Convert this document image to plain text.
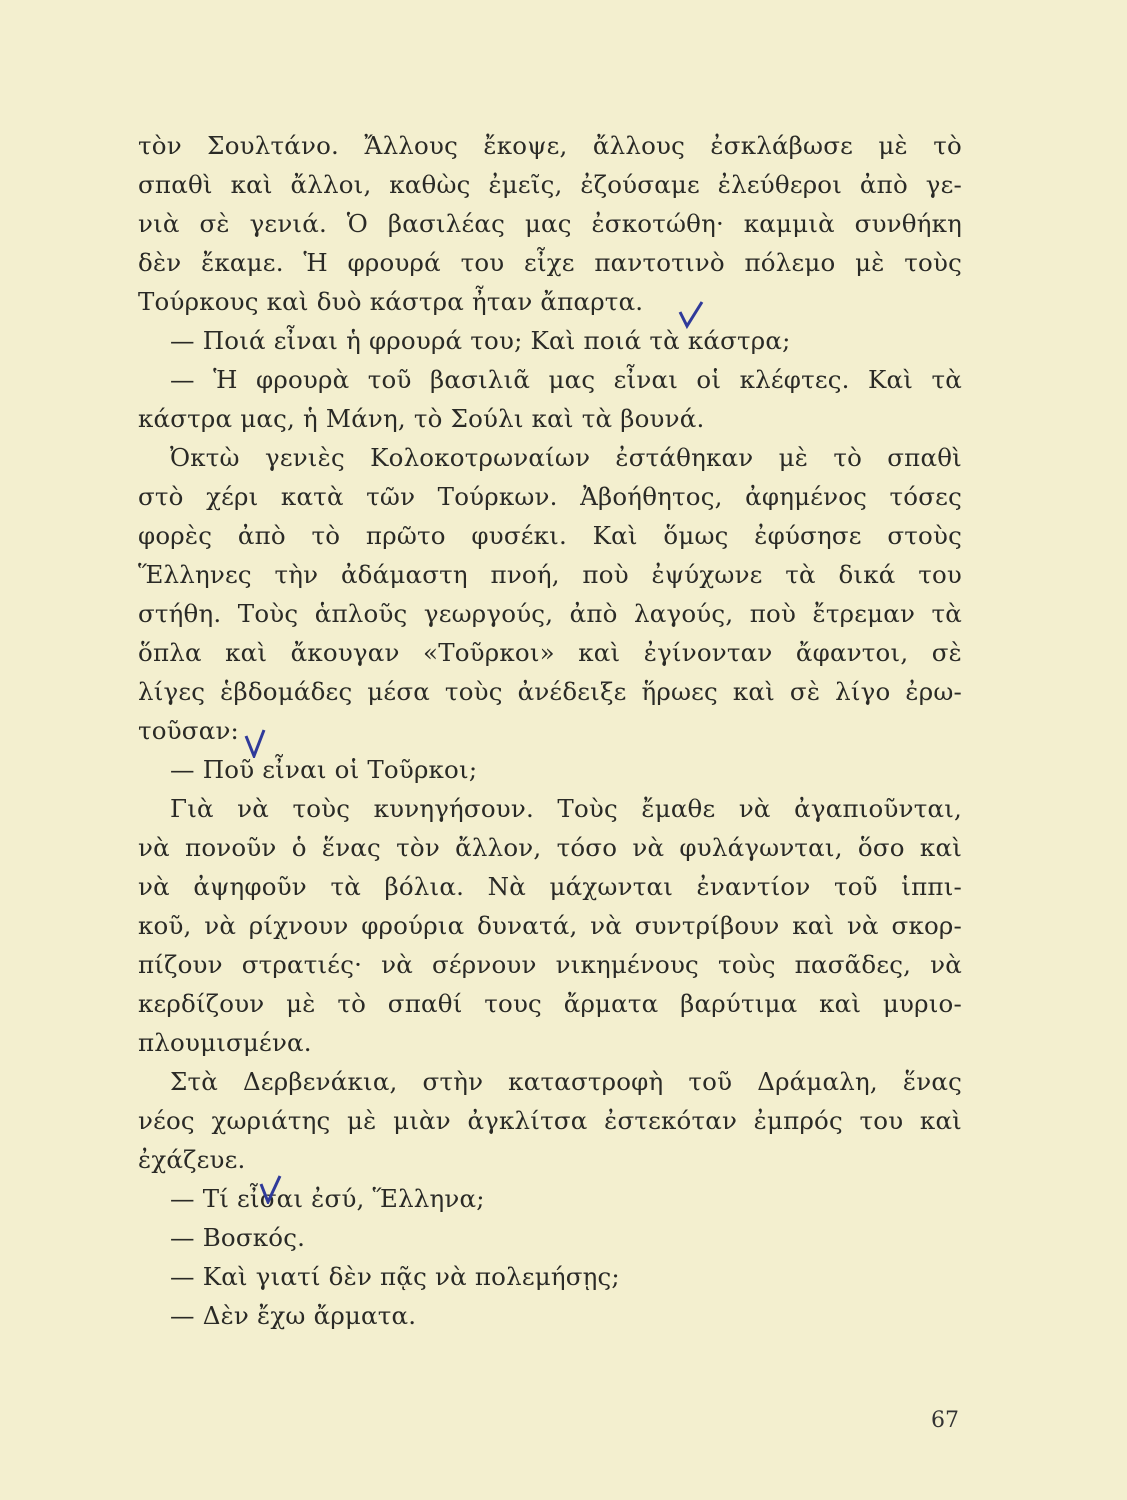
τὸν Σουλτάνο. Ἄλλους ἔκοψε, ἄλλους ἐσκλάβωσε μὲ τὸ
σπαθὶ καὶ ἄλλοι, καθὼς ἐμεῖς, ἐζούσαμε ἐλεύθεροι ἀπὸ γε-
νιὰ σὲ γενιά. Ὁ βασιλέας μας ἐσκοτώθη· καμμιὰ συνθήκη
δὲν ἔκαμε. Ἡ φρουρά του εἶχε παντοτινὸ πόλεμο μὲ τοὺς
Τούρκους καὶ δυὸ κάστρα ἦταν ἄπαρτα.
— Ποιά εἶναι ἡ φρουρά του; Καὶ ποιά τὰ κάστρα;
— Ἡ φρουρὰ τοῦ βασιλιᾶ μας εἶναι οἱ κλέφτες. Καὶ τὰ
κάστρα μας, ἡ Μάνη, τὸ Σούλι καὶ τὰ βουνά.
Ὀκτὼ γενιὲς Κολοκοτρωναίων ἐστάθηκαν μὲ τὸ σπαθὶ
στὸ χέρι κατὰ τῶν Τούρκων. Ἀβοήθητος, ἀφημένος τόσες
φορὲς ἀπὸ τὸ πρῶτο φυσέκι. Καὶ ὅμως ἐφύσησε στοὺς
Ἕλληνες τὴν ἀδάμαστη πνοή, ποὺ ἐψύχωνε τὰ δικά του
στήθη. Τοὺς ἁπλοῦς γεωργούς, ἀπὸ λαγούς, ποὺ ἔτρεμαν τὰ
ὅπλα καὶ ἄκουγαν «Τοῦρκοι» καὶ ἐγίνονταν ἄφαντοι, σὲ
λίγες ἑβδομάδες μέσα τοὺς ἀνέδειξε ἥρωες καὶ σὲ λίγο ἐρω-
τοῦσαν:
— Ποῦ εἶναι οἱ Τοῦρκοι;
Γιὰ νὰ τοὺς κυνηγήσουν. Τοὺς ἔμαθε νὰ ἀγαπιοῦνται,
νὰ πονοῦν ὁ ἕνας τὸν ἄλλον, τόσο νὰ φυλάγωνται, ὅσο καὶ
νὰ ἀψηφοῦν τὰ βόλια. Νὰ μάχωνται ἐναντίον τοῦ ἱππι-
κοῦ, νὰ ρίχνουν φρούρια δυνατά, νὰ συντρίβουν καὶ νὰ σκορ-
πίζουν στρατιές· νὰ σέρνουν νικημένους τοὺς πασᾶδες, νὰ
κερδίζουν μὲ τὸ σπαθί τους ἄρματα βαρύτιμα καὶ μυριο-
πλουμισμένα.
Στὰ Δερβενάκια, στὴν καταστροφὴ τοῦ Δράμαλη, ἕνας
νέος χωριάτης μὲ μιὰν ἀγκλίτσα ἐστεκόταν ἐμπρός του καὶ
ἐχάζευε.
— Τί εἶσαι ἐσύ, Ἕλληνα;
— Βοσκός.
— Καὶ γιατί δὲν πᾷς νὰ πολεμήσῃς;
— Δὲν ἔχω ἄρματα.
67
